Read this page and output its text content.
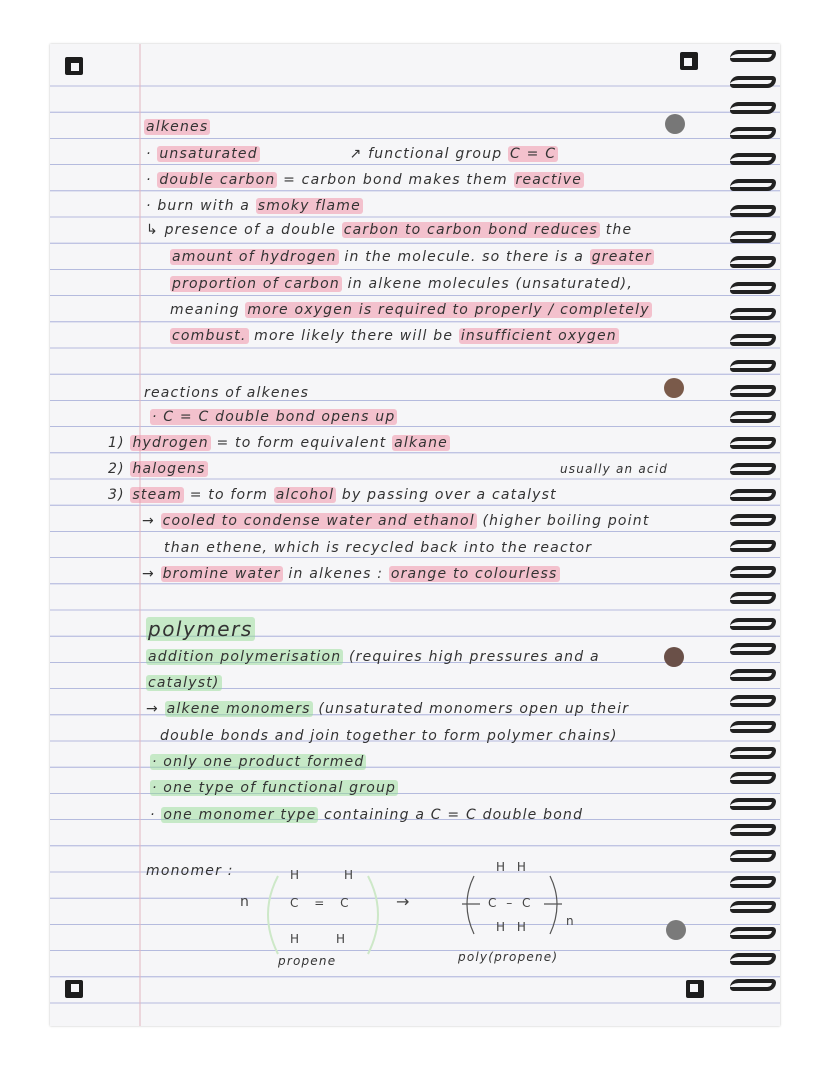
alkenes
· unsaturated	↗ functional group C = C
· double carbon = carbon bond makes them reactive
· burn with a smoky flame
↳ presence of a double carbon to carbon bond reduces the
amount of hydrogen in the molecule. so there is a greater
proportion of carbon in alkene molecules (unsaturated),
meaning more oxygen is required to properly / completely
combust. more likely there will be insufficient oxygen
reactions of alkenes
· C = C double bond opens up
1) hydrogen = to form equivalent alkane
2) halogens	usually an acid
3) steam = to form alcohol by passing over a catalyst
→ cooled to condense water and ethanol (higher boiling point
than ethene, which is recycled back into the reactor
→ bromine water in alkenes : orange to colourless
polymers
addition polymerisation (requires high pressures and a
catalyst)
→ alkene monomers (unsaturated monomers open up their
double bonds and join together to form polymer chains)
· only one product formed
· one type of functional group
· one monomer type containing a C = C double bond
monomer :	H	H
n	C = C
H	H
→
H H
C – C
H H	n
propene	poly(propene)
